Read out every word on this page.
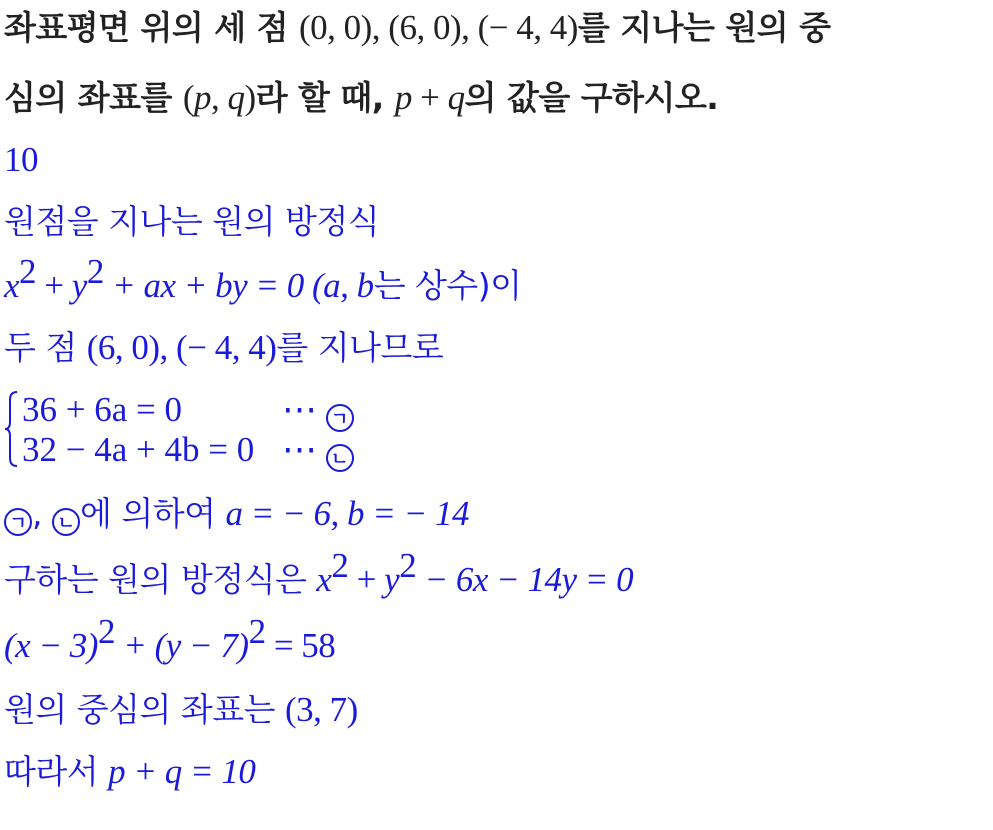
좌표평면 위의 세 점 (0, 0), (6, 0), (− 4, 4)를 지나는 원의 중
심의 좌표를 (p, q)라 할 때, p + q의 값을 구하시오.
10
원점을 지나는 원의 방정식
$x^2 + y^2$ + ax + by = 0 (a, b는 상수)이
두 점 (6, 0), (− 4, 4)를 지나므로
36 + 6a = 0
32 − 4a + 4b = 0
⋯ ㄱ
⋯ ㄴ
ㄱ , ㄴ 에 의하여 a = − 6, b = − 14
구하는 원의 방정식은 $x^2 + y^2 - 6x - 14y = 0$
$(x - 3)^2 + (y - 7)^2 = 58$
원의 중심의 좌표는 (3, 7)
따라서 p + q = 10
